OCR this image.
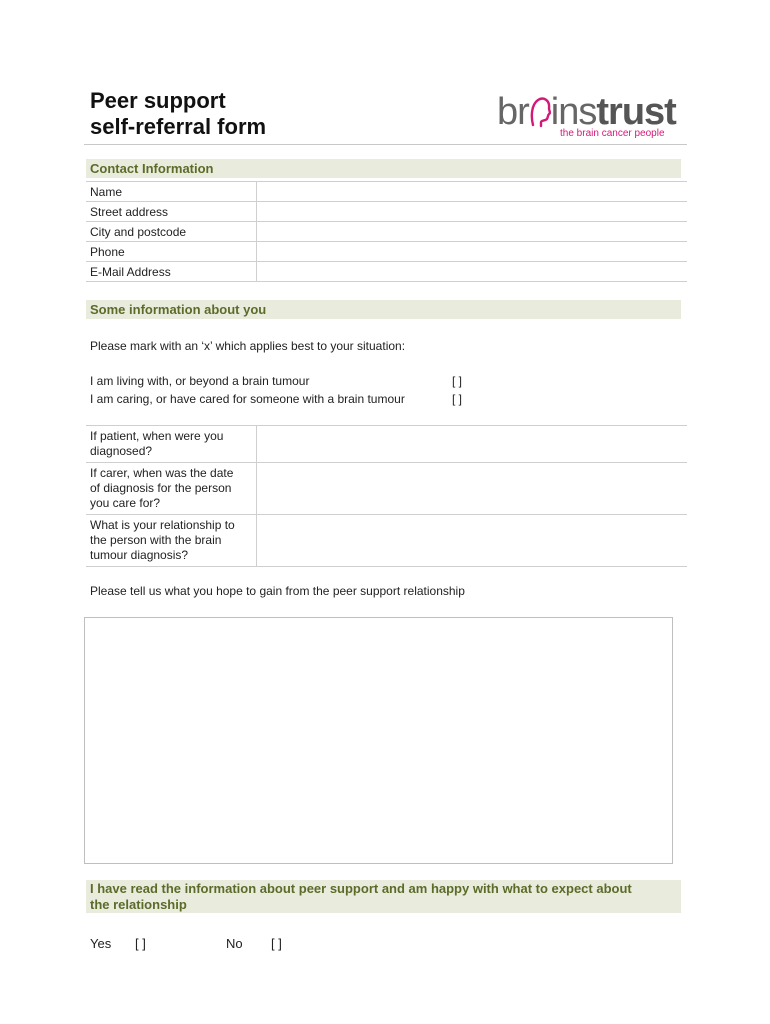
Peer support
self-referral form	br instrust
the brain cancer people
Contact Information
Name	
Street address	
City and postcode	
Phone	
E-Mail Address	
Some information about you
Please mark with an ‘x’ which applies best to your situation:
I am living with, or beyond a brain tumour	[ ]
I am caring, or have cared for someone with a brain tumour	[ ]
If patient, when were you
diagnosed?	

If carer, when was the date
of diagnosis for the person
you care for?	

What is your relationship to
the person with the brain
tumour diagnosis?	

Please tell us what you hope to gain from the peer support relationship
I have read the information about peer support and am happy with what to expect about
the relationship
Yes [ ]	No [ ]
